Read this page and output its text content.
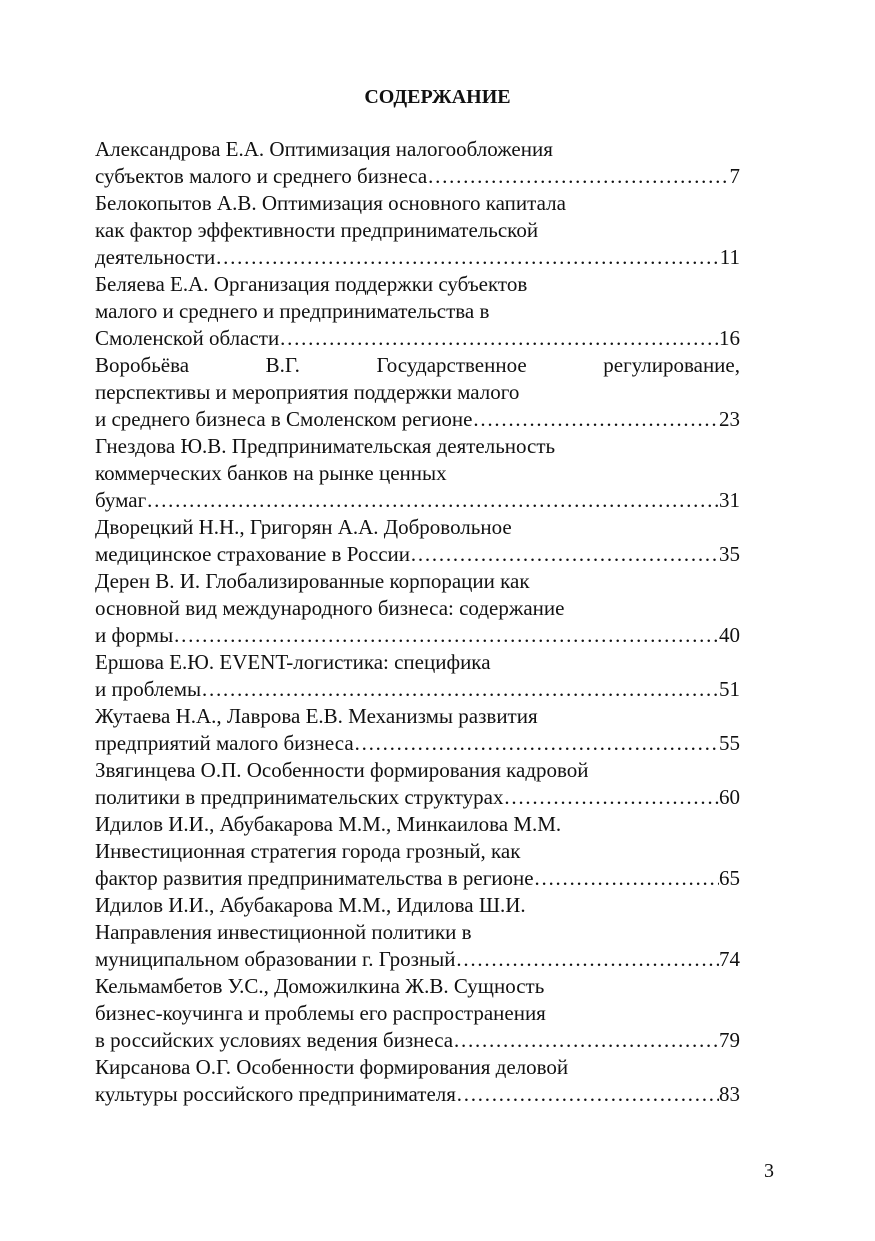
СОДЕРЖАНИЕ
Александрова Е.А. Оптимизация налогообложения
субъектов малого и среднего бизнеса ………………………………………………………………………………………………………………………………………	7
Белокопытов А.В. Оптимизация основного капитала
как фактор эффективности предпринимательской
деятельности ………………………………………………………………………………………………………………………………………	11
Беляева Е.А. Организация поддержки субъектов
малого и среднего и предпринимательства в
Смоленской области ………………………………………………………………………………………………………………………………………	16
Воробьёва В.Г. Государственное регулирование,
перспективы и мероприятия поддержки малого
и среднего бизнеса в Смоленском регионе ………………………………………………………………………………………………………………………………………	23
Гнездова Ю.В. Предпринимательская деятельность
коммерческих банков на рынке ценных
бумаг ………………………………………………………………………………………………………………………………………	31
Дворецкий Н.Н., Григорян А.А. Добровольное
медицинское страхование в России ………………………………………………………………………………………………………………………………………	35
Дерен В. И. Глобализированные корпорации как
основной вид международного бизнеса: содержание
и формы ………………………………………………………………………………………………………………………………………	40
Ершова Е.Ю. EVENT-логистика: специфика
и проблемы ………………………………………………………………………………………………………………………………………	51
Жутаева Н.А., Лаврова Е.В. Механизмы развития
предприятий малого бизнеса ………………………………………………………………………………………………………………………………………	55
Звягинцева О.П. Особенности формирования кадровой
политики в предпринимательских структурах ………………………………………………………………………………………………………………………………………	60
Идилов И.И., Абубакарова М.М., Минкаилова М.М.
Инвестиционная стратегия города грозный, как
фактор развития предпринимательства в регионе ………………………………………………………………………………………………………………………………………	65
Идилов И.И., Абубакарова М.М., Идилова Ш.И.
Направления инвестиционной политики в
муниципальном образовании г. Грозный ………………………………………………………………………………………………………………………………………	74
Кельмамбетов У.С., Доможилкина Ж.В. Сущность
бизнес-коучинга и проблемы его распространения
в российских условиях ведения бизнеса ………………………………………………………………………………………………………………………………………	79
Кирсанова О.Г. Особенности формирования деловой
культуры российского предпринимателя ………………………………………………………………………………………………………………………………………	83
3
